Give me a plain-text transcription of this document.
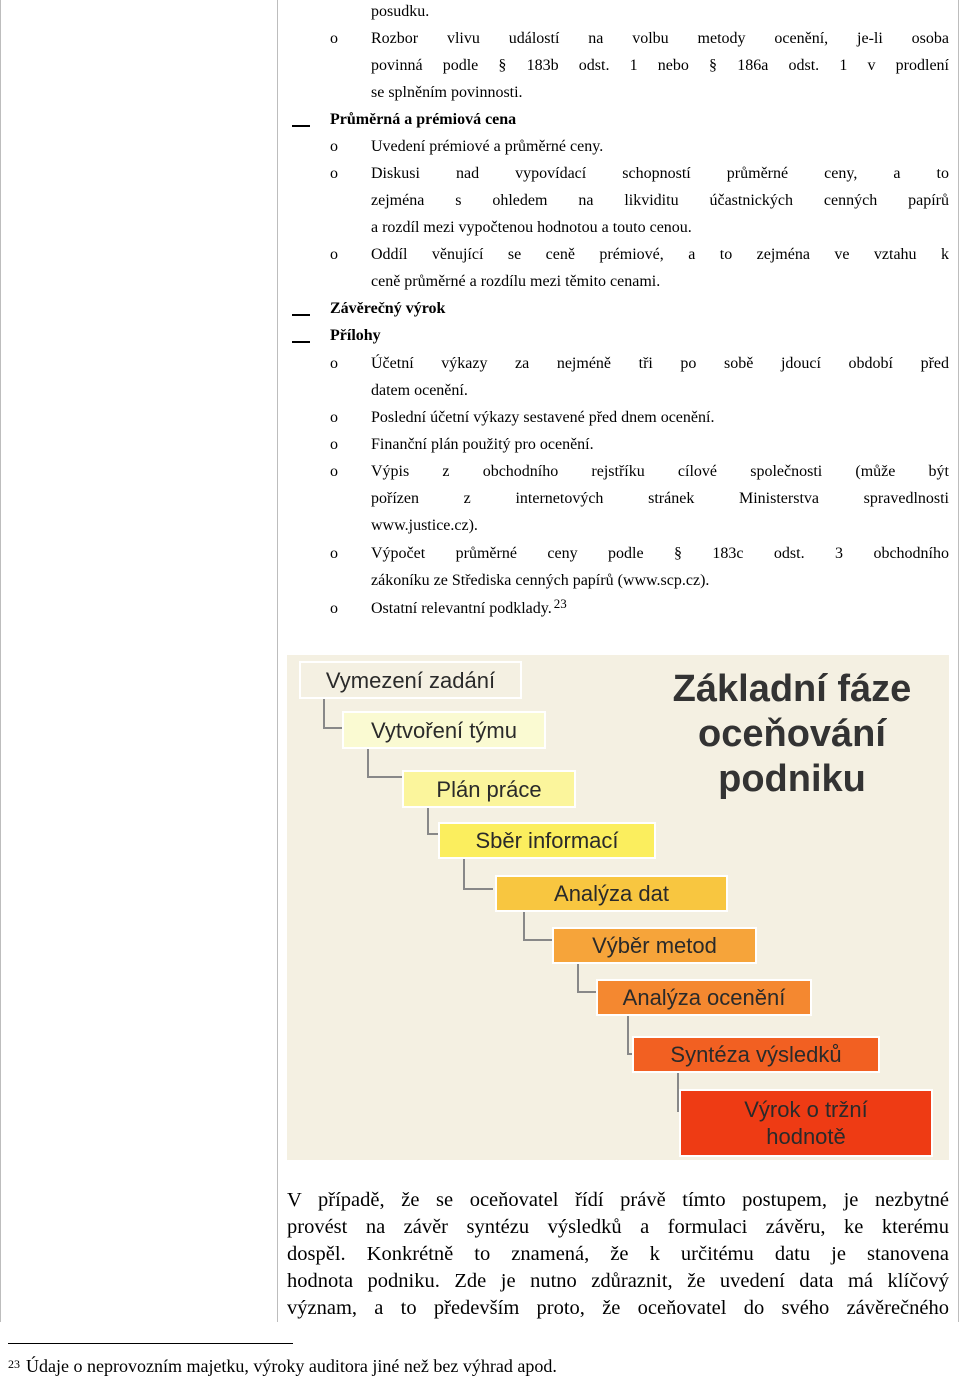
posudku.
o Rozbor vlivu událostí na volbu metody ocenění, je-li osoba
povinná podle § 183b odst. 1 nebo § 186a odst. 1 v prodlení
se splněním povinnosti.
Průměrná a prémiová cena
o Uvedení prémiové a průměrné ceny.
o Diskusi nad vypovídací schopností průměrné ceny, a to
zejména s ohledem na likviditu účastnických cenných papírů
a rozdíl mezi vypočtenou hodnotou a touto cenou.
o Oddíl věnující se ceně prémiové, a to zejména ve vztahu k
ceně průměrné a rozdílu mezi těmito cenami.
Závěrečný výrok
Přílohy
o Účetní výkazy za nejméně tři po sobě jdoucí období před
datem ocenění.
o Poslední účetní výkazy sestavené před dnem ocenění.
o Finanční plán použitý pro ocenění.
o Výpis z obchodního rejstříku cílové společnosti (může být
pořízen z internetových stránek Ministerstva spravedlnosti
www.justice.cz).
o Výpočet průměrné ceny podle § 183c odst. 3 obchodního
zákoníku ze Střediska cenných papírů (www.scp.cz).
o Ostatní relevantní podklady. $^{23}$
Základní fáze
oceňování
podniku
Vymezení zadání
Vytvoření týmu
Plán práce
Sběr informací
Analýza dat
Výběr metod
Analýza ocenění
Syntéza výsledků
Výrok o tržní hodnotě
V případě, že se oceňovatel řídí právě tímto postupem, je nezbytné
provést na závěr syntézu výsledků a formulaci závěru, ke kterému
dospěl. Konkrétně to znamená, že k určitému datu je stanovena
hodnota podniku. Zde je nutno zdůraznit, že uvedení data má klíčový
význam, a to především proto, že oceňovatel do svého závěrečného
$^{23}$ Údaje o neprovozním majetku, výroky auditora jiné než bez výhrad apod.
